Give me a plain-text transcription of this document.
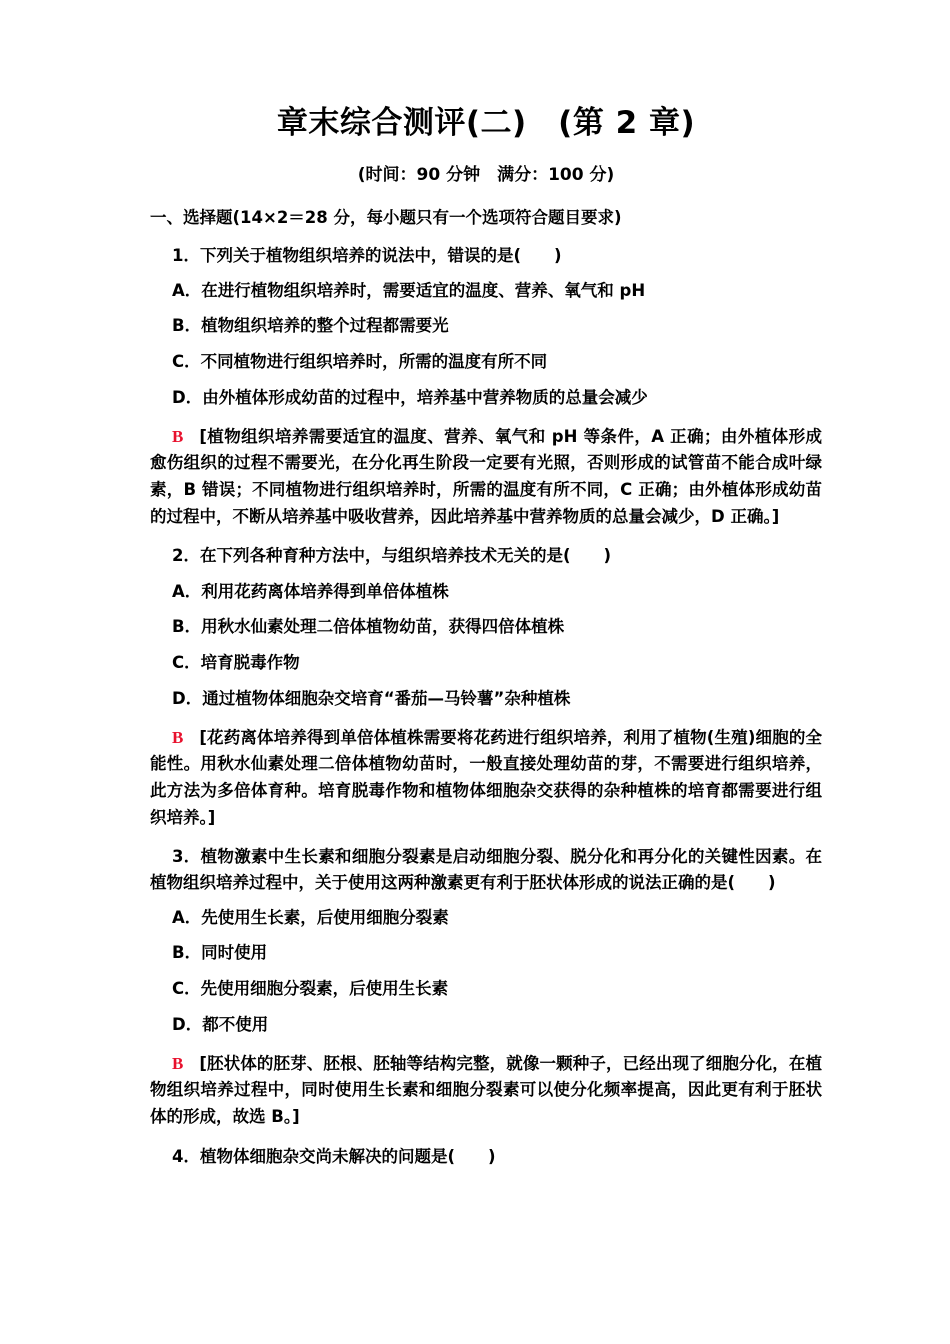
章末综合测评(二)　(第 2 章)
(时间：90 分钟　满分：100 分)
一、选择题(14×2＝28 分，每小题只有一个选项符合题目要求)
1．下列关于植物组织培养的说法中，错误的是(　　)
A．在进行植物组织培养时，需要适宜的温度、营养、氧气和 pH
B．植物组织培养的整个过程都需要光
C．不同植物进行组织培养时，所需的温度有所不同
D．由外植体形成幼苗的过程中，培养基中营养物质的总量会减少
B [植物组织培养需要适宜的温度、营养、氧气和 pH 等条件，A 正确；由外植体形成愈伤组织的过程不需要光，在分化再生阶段一定要有光照，否则形成的试管苗不能合成叶绿素，B 错误；不同植物进行组织培养时，所需的温度有所不同，C 正确；由外植体形成幼苗的过程中，不断从培养基中吸收营养，因此培养基中营养物质的总量会减少，D 正确。]
2．在下列各种育种方法中，与组织培养技术无关的是(　　)
A．利用花药离体培养得到单倍体植株
B．用秋水仙素处理二倍体植物幼苗，获得四倍体植株
C．培育脱毒作物
D．通过植物体细胞杂交培育“番茄—马铃薯”杂种植株
B [花药离体培养得到单倍体植株需要将花药进行组织培养，利用了植物(生殖)细胞的全能性。用秋水仙素处理二倍体植物幼苗时，一般直接处理幼苗的芽，不需要进行组织培养，此方法为多倍体育种。培育脱毒作物和植物体细胞杂交获得的杂种植株的培育都需要进行组织培养。]
3．植物激素中生长素和细胞分裂素是启动细胞分裂、脱分化和再分化的关键性因素。在植物组织培养过程中，关于使用这两种激素更有利于胚状体形成的说法正确的是(　　)
A．先使用生长素，后使用细胞分裂素
B．同时使用
C．先使用细胞分裂素，后使用生长素
D．都不使用
B [胚状体的胚芽、胚根、胚轴等结构完整，就像一颗种子，已经出现了细胞分化，在植物组织培养过程中，同时使用生长素和细胞分裂素可以使分化频率提高，因此更有利于胚状体的形成，故选 B。]
4．植物体细胞杂交尚未解决的问题是(　　)
